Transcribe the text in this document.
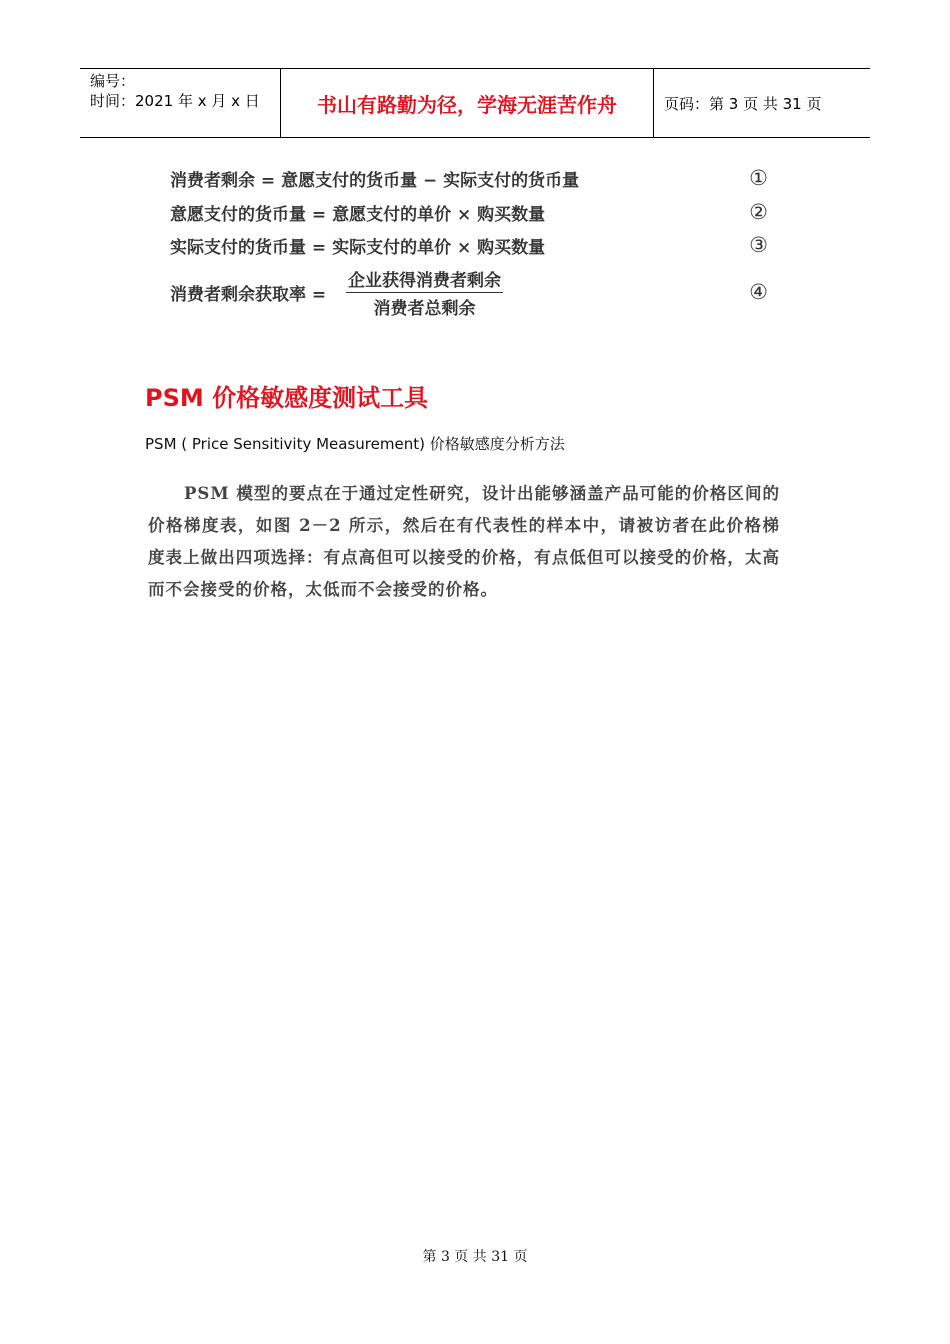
编号：
时间：2021 年 x 月 x 日	书山有路勤为径，学海无涯苦作舟	页码：第 3 页 共 31 页
消费者剩余 = 意愿支付的货币量 − 实际支付的货币量	①
意愿支付的货币量 = 意愿支付的单价 × 购买数量	②
实际支付的货币量 = 实际支付的单价 × 购买数量	③
消费者剩余获取率 =
企业获得消费者剩余
消费者总剩余
④
PSM 价格敏感度测试工具
PSM ( Price Sensitivity Measurement) 价格敏感度分析方法
PSM 模型的要点在于通过定性研究，设计出能够涵盖产品可能的价格区间的价格梯度表，如图 2－2 所示，然后在有代表性的样本中，请被访者在此价格梯度表上做出四项选择：有点高但可以接受的价格，有点低但可以接受的价格，太高而不会接受的价格，太低而不会接受的价格。
第 3 页 共 31 页
